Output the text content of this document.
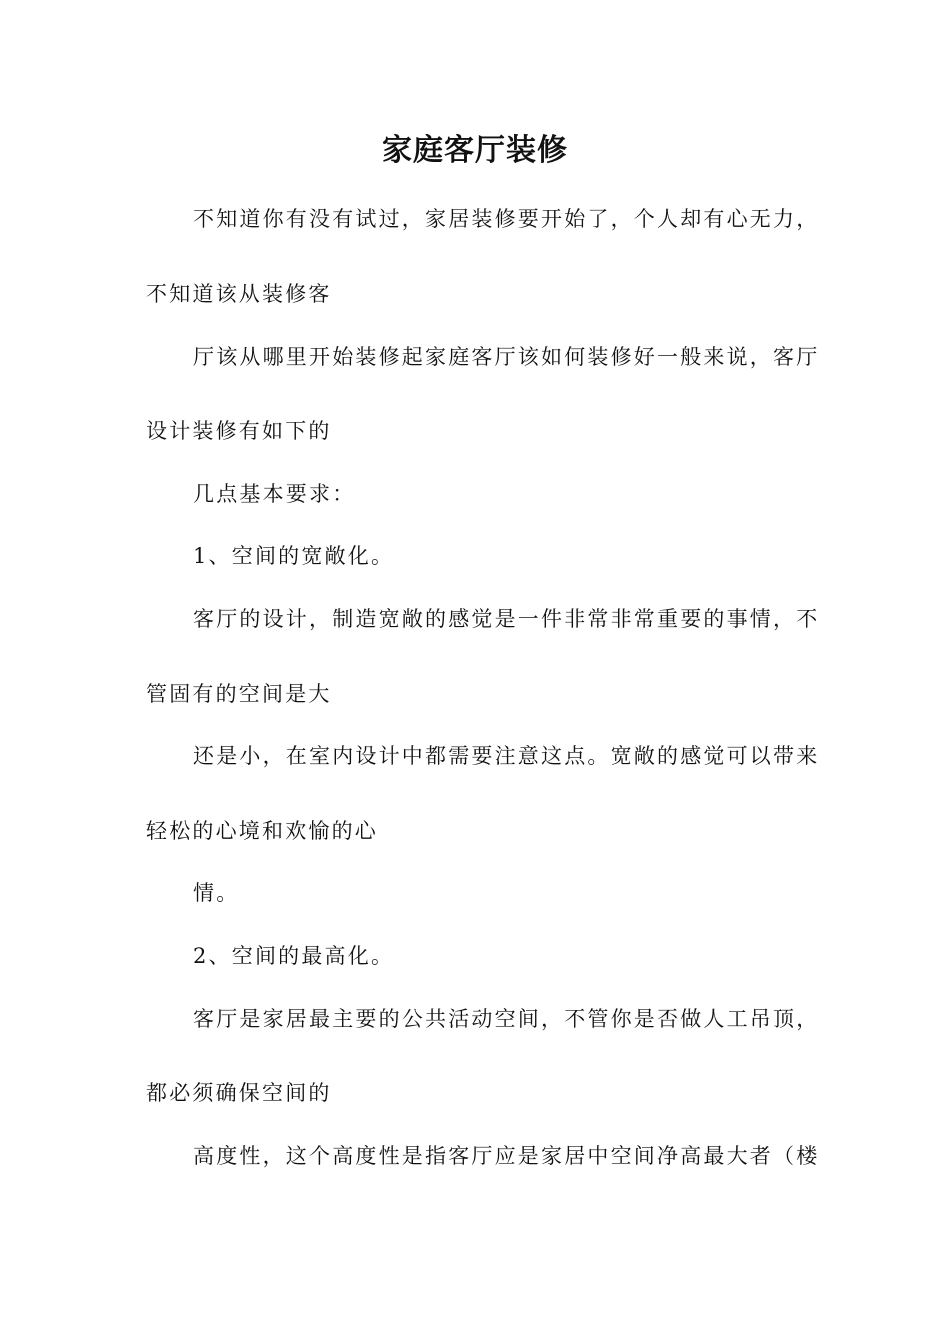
家庭客厅装修
不知道你有没有试过，家居装修要开始了，个人却有心无力，
不知道该从装修客
厅该从哪里开始装修起家庭客厅该如何装修好一般来说，客厅
设计装修有如下的
几点基本要求：
1、空间的宽敞化。
客厅的设计，制造宽敞的感觉是一件非常非常重要的事情，不
管固有的空间是大
还是小，在室内设计中都需要注意这点。宽敞的感觉可以带来
轻松的心境和欢愉的心
情。
2、空间的最高化。
客厅是家居最主要的公共活动空间，不管你是否做人工吊顶，
都必须确保空间的
高度性，这个高度性是指客厅应是家居中空间净高最大者（楼
